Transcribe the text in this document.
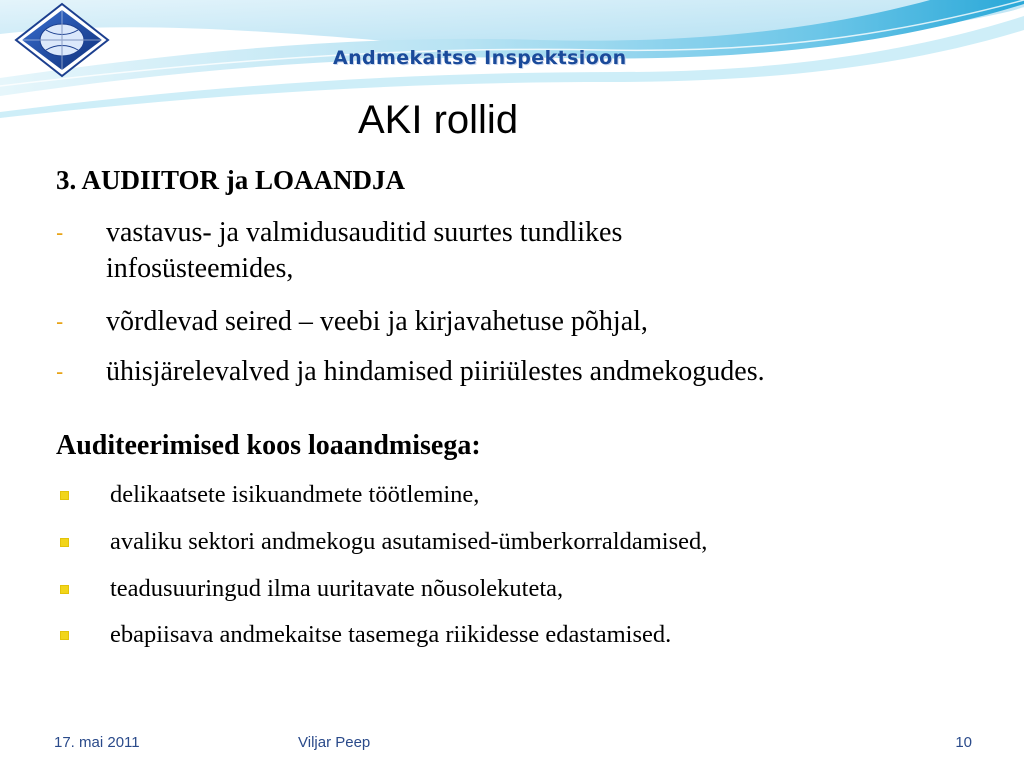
Andmekaitse Inspektsioon
AKI rollid
3. AUDIITOR ja LOAANDJA
- vastavus- ja valmidusauditid suurtes tundlikes
infosüsteemides,
- võrdlevad seired – veebi ja kirjavahetuse põhjal,
- ühisjärelevalved ja hindamised piiriülestes andmekogudes.
Auditeerimised koos loaandmisega:
delikaatsete isikuandmete töötlemine,
avaliku sektori andmekogu asutamised-ümberkorraldamised,
teadusuuringud ilma uuritavate nõusolekuteta,
ebapiisava andmekaitse tasemega riikidesse edastamised.
17. mai 2011	Viljar Peep	10
